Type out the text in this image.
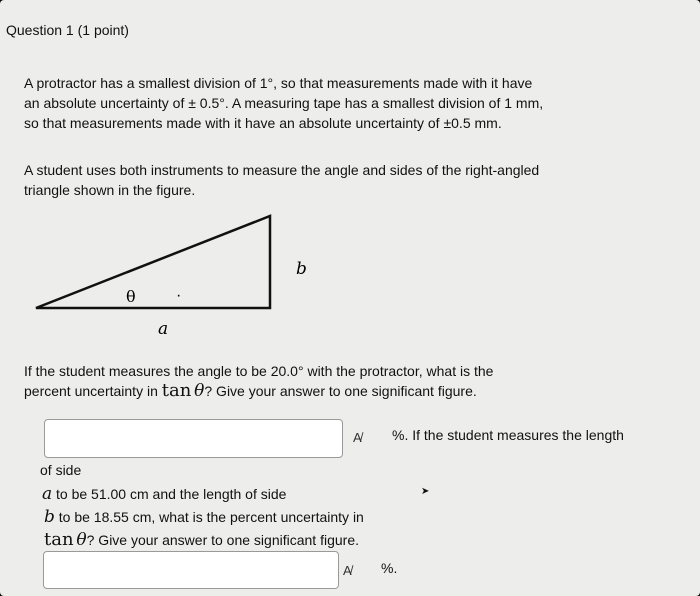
Question 1 (1 point)
A protractor has a smallest division of 1°, so that measurements made with it have
an absolute uncertainty of ± 0.5°. A measuring tape has a smallest division of 1 mm,
so that measurements made with it have an absolute uncertainty of ±0.5 mm.
A student uses both instruments to measure the angle and sides of the right-angled
triangle shown in the figure.
b
θ	·
a
If the student measures the angle to be 20.0° with the protractor, what is the
percent uncertainty in tan  θ? Give your answer to one significant figure.
A̸ %. If the student measures the length
of side
a to be 51.00 cm and the length of side	➤
b to be 18.55 cm, what is the percent uncertainty in
tan  θ? Give your answer to one significant figure.
A̸ %.
